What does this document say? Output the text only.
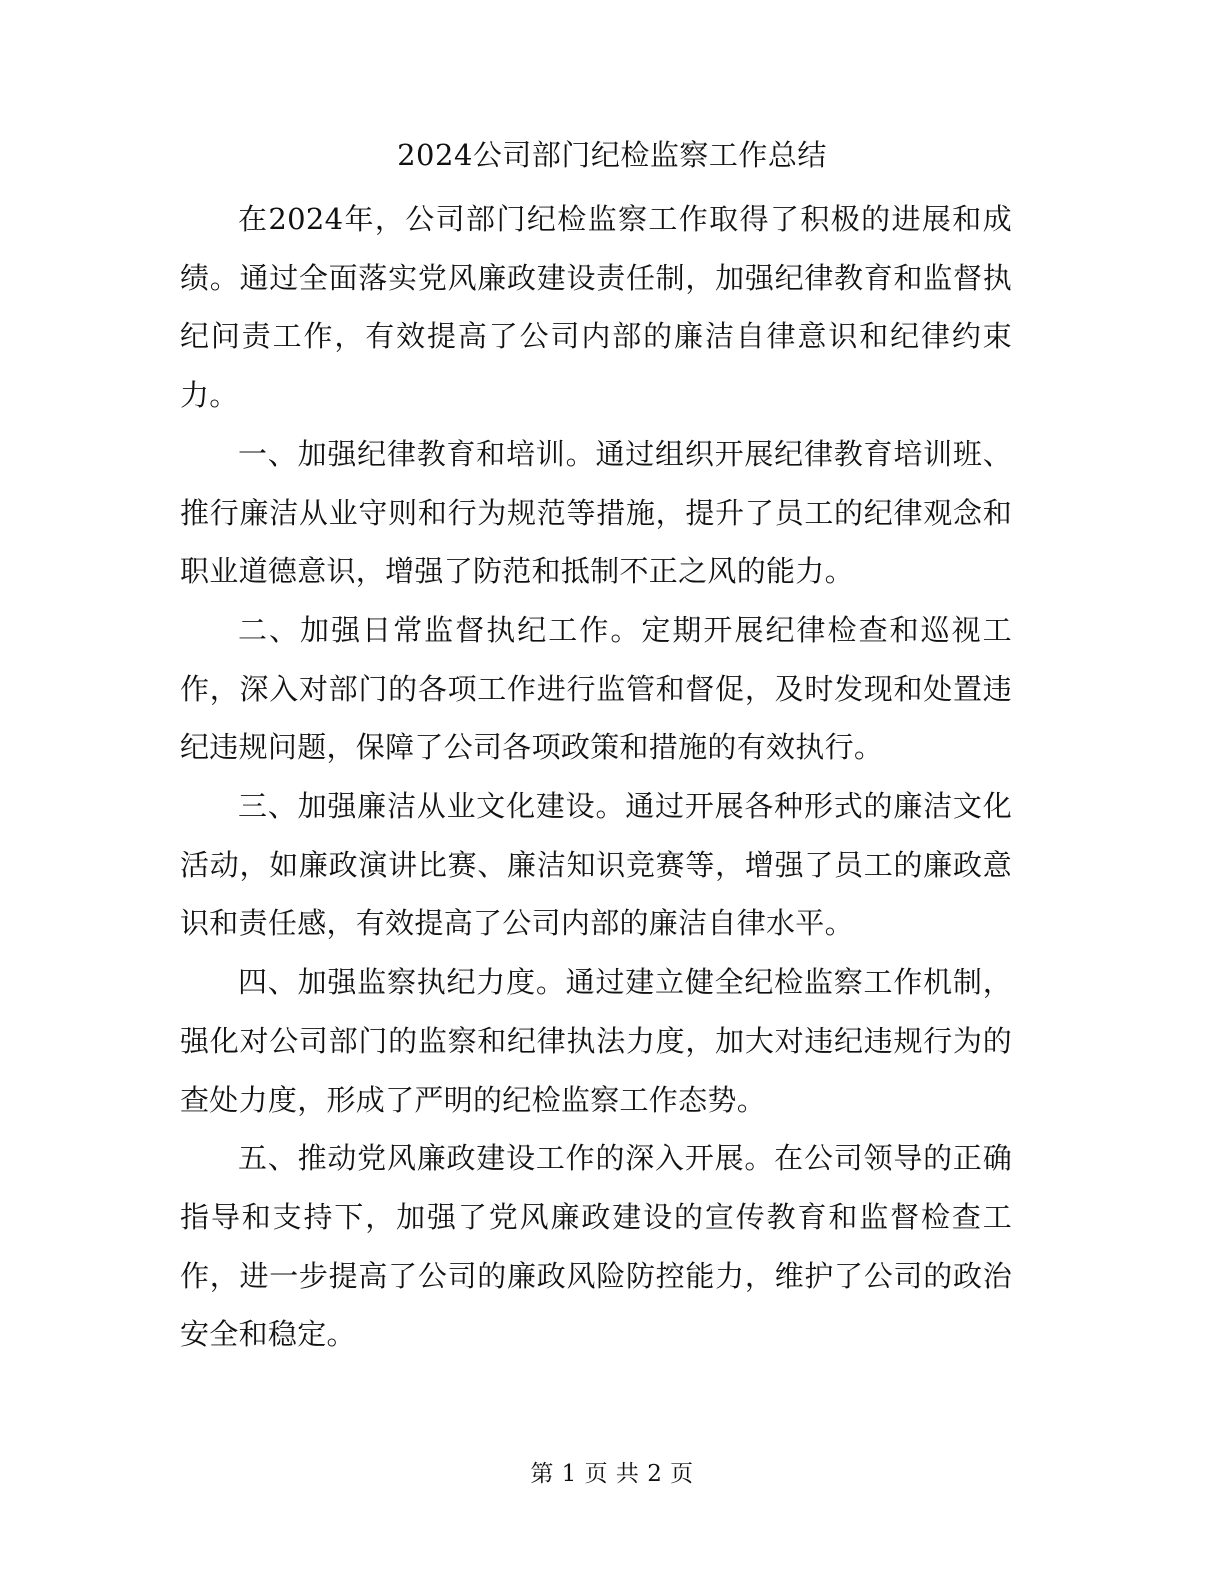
2024公司部门纪检监察工作总结

在2024年，公司部门纪检监察工作取得了积极的进展和成绩。通过全面落实党风廉政建设责任制，加强纪律教育和监督执纪问责工作，有效提高了公司内部的廉洁自律意识和纪律约束力。

一、加强纪律教育和培训。通过组织开展纪律教育培训班、推行廉洁从业守则和行为规范等措施，提升了员工的纪律观念和职业道德意识，增强了防范和抵制不正之风的能力。

二、加强日常监督执纪工作。定期开展纪律检查和巡视工作，深入对部门的各项工作进行监管和督促，及时发现和处置违纪违规问题，保障了公司各项政策和措施的有效执行。

三、加强廉洁从业文化建设。通过开展各种形式的廉洁文化活动，如廉政演讲比赛、廉洁知识竞赛等，增强了员工的廉政意识和责任感，有效提高了公司内部的廉洁自律水平。

四、加强监察执纪力度。通过建立健全纪检监察工作机制，强化对公司部门的监察和纪律执法力度，加大对违纪违规行为的查处力度，形成了严明的纪检监察工作态势。

五、推动党风廉政建设工作的深入开展。在公司领导的正确指导和支持下，加强了党风廉政建设的宣传教育和监督检查工作，进一步提高了公司的廉政风险防控能力，维护了公司的政治安全和稳定。

第 1 页 共 2 页
